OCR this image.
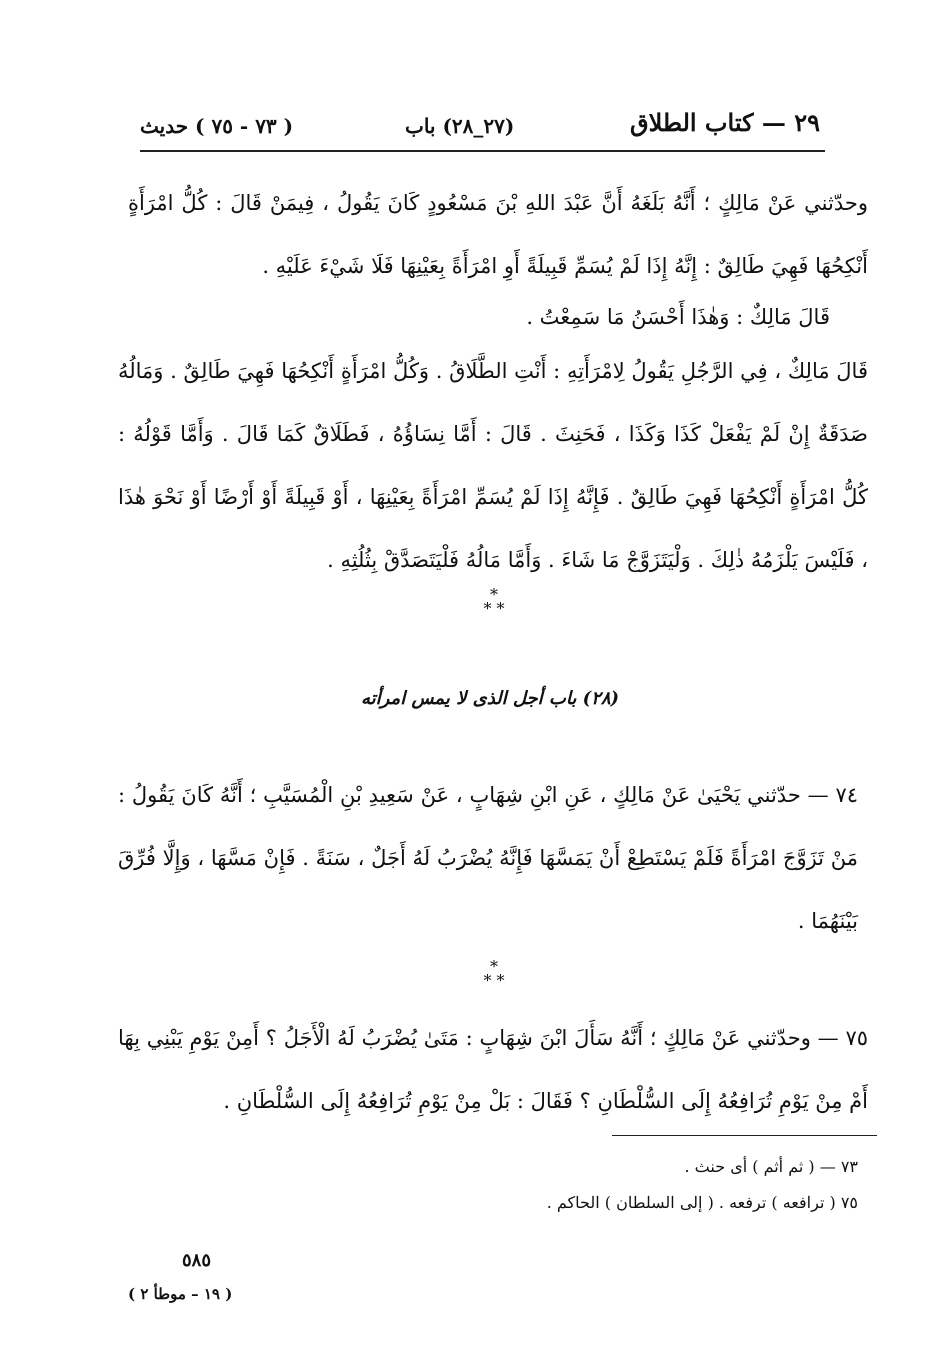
٢٩ — كتاب الطلاق
(٢٧_٢٨) باب
( ٧٣ - ٧٥ ) حديث
وحدّثني عَنْ مَالِكٍ ؛ أَنَّهُ بَلَغَهُ أَنَّ عَبْدَ اللهِ بْنَ مَسْعُودٍ كَانَ يَقُولُ ، فِيمَنْ قَالَ : كُلُّ امْرَأَةٍ أَنْكِحُهَا فَهِيَ طَالِقٌ : إِنَّهُ إِذَا لَمْ يُسَمِّ قَبِيلَةً أَوِ امْرَأَةً بِعَيْنِهَا فَلَا شَيْءَ عَلَيْهِ .
قَالَ مَالِكٌ : وَهٰذَا أَحْسَنُ مَا سَمِعْتُ .
قَالَ مَالِكٌ ، فِي الرَّجُلِ يَقُولُ لِامْرَأَتِهِ : أَنْتِ الطَّلَاقُ . وَكُلُّ امْرَأَةٍ أَنْكِحُهَا فَهِيَ طَالِقٌ . وَمَالُهُ صَدَقَةٌ إِنْ لَمْ يَفْعَلْ كَذَا وَكَذَا ، فَحَنِثَ . قَالَ : أَمَّا نِسَاؤُهُ ، فَطَلَاقٌ كَمَا قَالَ . وَأَمَّا قَوْلُهُ : كُلُّ امْرَأَةٍ أَنْكِحُهَا فَهِيَ طَالِقٌ . فَإِنَّهُ إِذَا لَمْ يُسَمِّ امْرَأَةً بِعَيْنِهَا ، أَوْ قَبِيلَةً أَوْ أَرْضًا أَوْ نَحْوَ هٰذَا ، فَلَيْسَ يَلْزَمُهُ ذٰلِكَ . وَلْيَتَزَوَّجْ مَا شَاءَ . وَأَمَّا مَالُهُ فَلْيَتَصَدَّقْ بِثُلُثِهِ .
*
* *
(٢٨) باب أجل الذى لا يمس امرأته
٧٤ — حدّثني يَحْيَىٰ عَنْ مَالِكٍ ، عَنِ ابْنِ شِهَابٍ ، عَنْ سَعِيدِ بْنِ الْمُسَيَّبِ ؛ أَنَّهُ كَانَ يَقُولُ : مَنْ تَزَوَّجَ امْرَأَةً فَلَمْ يَسْتَطِعْ أَنْ يَمَسَّهَا فَإِنَّهُ يُضْرَبُ لَهُ أَجَلٌ ، سَنَةً . فَإِنْ مَسَّهَا ، وَإِلَّا فُرِّقَ بَيْنَهُمَا .
*
* *
٧٥ — وحدّثني عَنْ مَالِكٍ ؛ أَنَّهُ سَأَلَ ابْنَ شِهَابٍ : مَتَىٰ يُضْرَبُ لَهُ الْأَجَلُ ؟ أَمِنْ يَوْمِ يَبْنِي بِهَا أَمْ مِنْ يَوْمِ تُرَافِعُهُ إِلَى السُّلْطَانِ ؟ فَقَالَ : بَلْ مِنْ يَوْمِ تُرَافِعُهُ إِلَى السُّلْطَانِ .
٧٣ — ( ثم أثم ) أى حنث .
٧٥ ( ترافعه ) ترفعه . ( إلى السلطان ) الحاكم .
٥٨٥
( ١٩ – موطأ ٢ )
